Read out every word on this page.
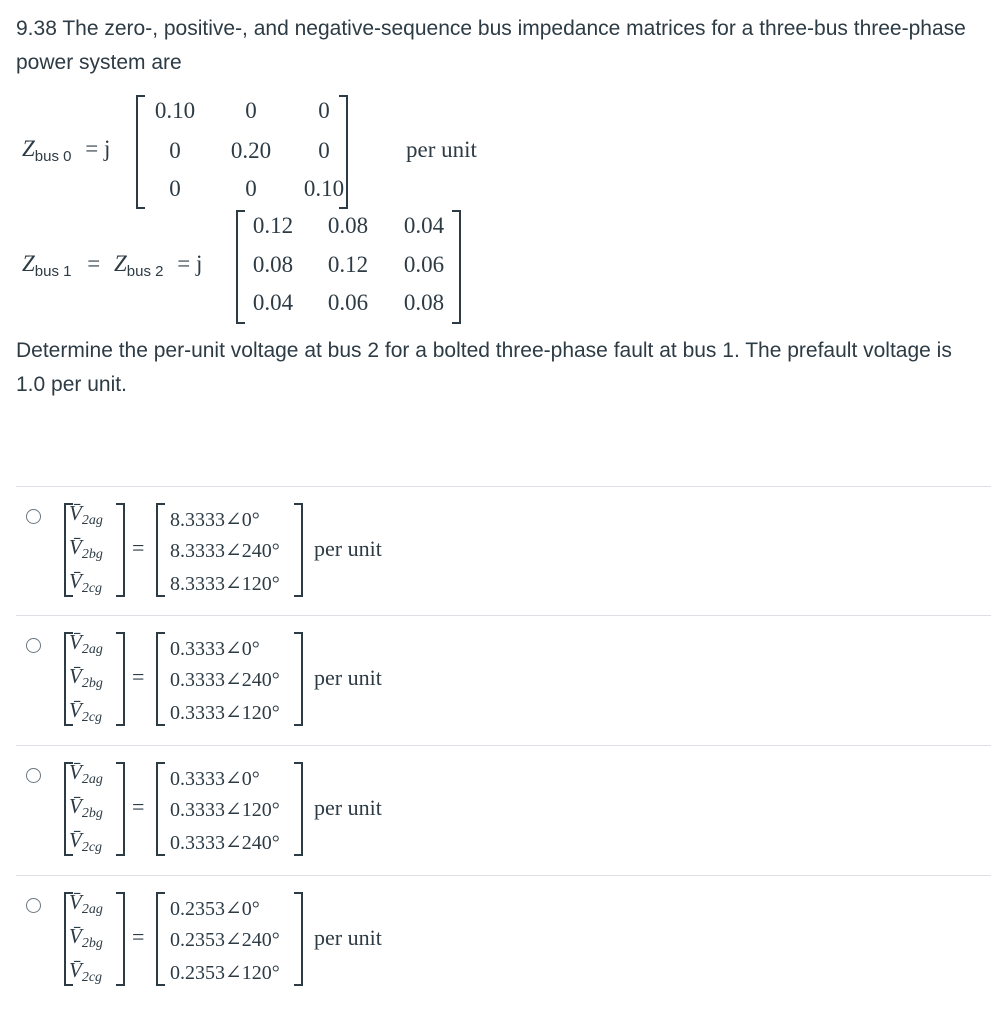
9.38 The zero-, positive-, and negative-sequence bus impedance matrices for a three-bus three-phase power system are
$Z_{bus 0} = j$
0.10	0	0
0	0.20	0
0	0	0.10
per unit
$Z_{bus 1} = Z_{bus 2} = j$
0.12	0.08	0.04
0.08	0.12	0.06
0.04	0.06	0.08
Determine the per-unit voltage at bus 2 for a bolted three-phase fault at bus 1. The prefault voltage is 1.0 per unit.
V̄2ag
V̄2bg
V̄2cg
=
8.3333∠0°
8.3333∠240°
8.3333∠120°
per unit
V̄2ag
V̄2bg
V̄2cg
=
0.3333∠0°
0.3333∠240°
0.3333∠120°
per unit
V̄2ag
V̄2bg
V̄2cg
=
0.3333∠0°
0.3333∠120°
0.3333∠240°
per unit
V̄2ag
V̄2bg
V̄2cg
=
0.2353∠0°
0.2353∠240°
0.2353∠120°
per unit
